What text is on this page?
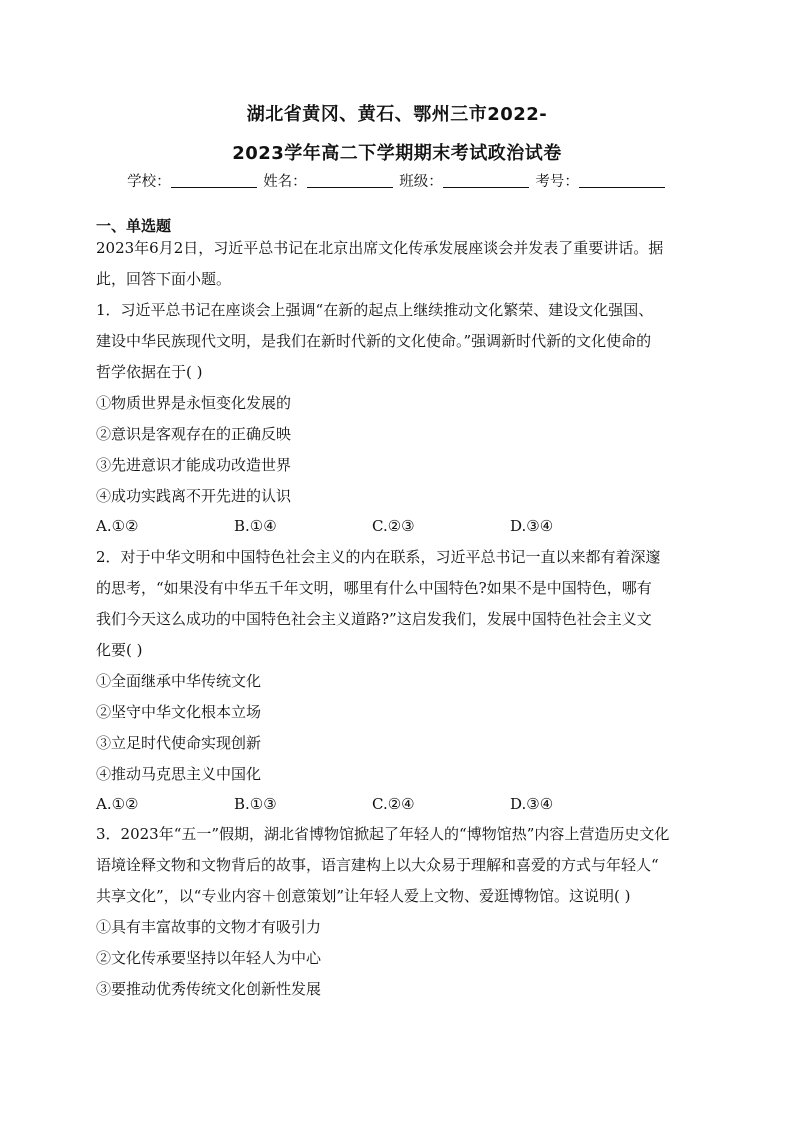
湖北省黄冈、黄石、鄂州三市2022-
2023学年高二下学期期末考试政治试卷
学校：	姓名：	班级：	考号：
一、单选题
2023年6月2日，习近平总书记在北京出席文化传承发展座谈会并发表了重要讲话。据
此，回答下面小题。
1．习近平总书记在座谈会上强调“在新的起点上继续推动文化繁荣、建设文化强国、
建设中华民族现代文明，是我们在新时代新的文化使命。”强调新时代新的文化使命的
哲学依据在于( )
①物质世界是永恒变化发展的
②意识是客观存在的正确反映
③先进意识才能成功改造世界
④成功实践离不开先进的认识
A.①②	B.①④	C.②③	D.③④
2．对于中华文明和中国特色社会主义的内在联系，习近平总书记一直以来都有着深邃
的思考，“如果没有中华五千年文明，哪里有什么中国特色?如果不是中国特色，哪有
我们今天这么成功的中国特色社会主义道路?”这启发我们，发展中国特色社会主义文
化要( )
①全面继承中华传统文化
②坚守中华文化根本立场
③立足时代使命实现创新
④推动马克思主义中国化
A.①②	B.①③	C.②④	D.③④
3．2023年“五一”假期，湖北省博物馆掀起了年轻人的“博物馆热”内容上营造历史文化
语境诠释文物和文物背后的故事，语言建构上以大众易于理解和喜爱的方式与年轻人“
共享文化”，以“专业内容＋创意策划”让年轻人爱上文物、爱逛博物馆。这说明( )
①具有丰富故事的文物才有吸引力
②文化传承要坚持以年轻人为中心
③要推动优秀传统文化创新性发展
